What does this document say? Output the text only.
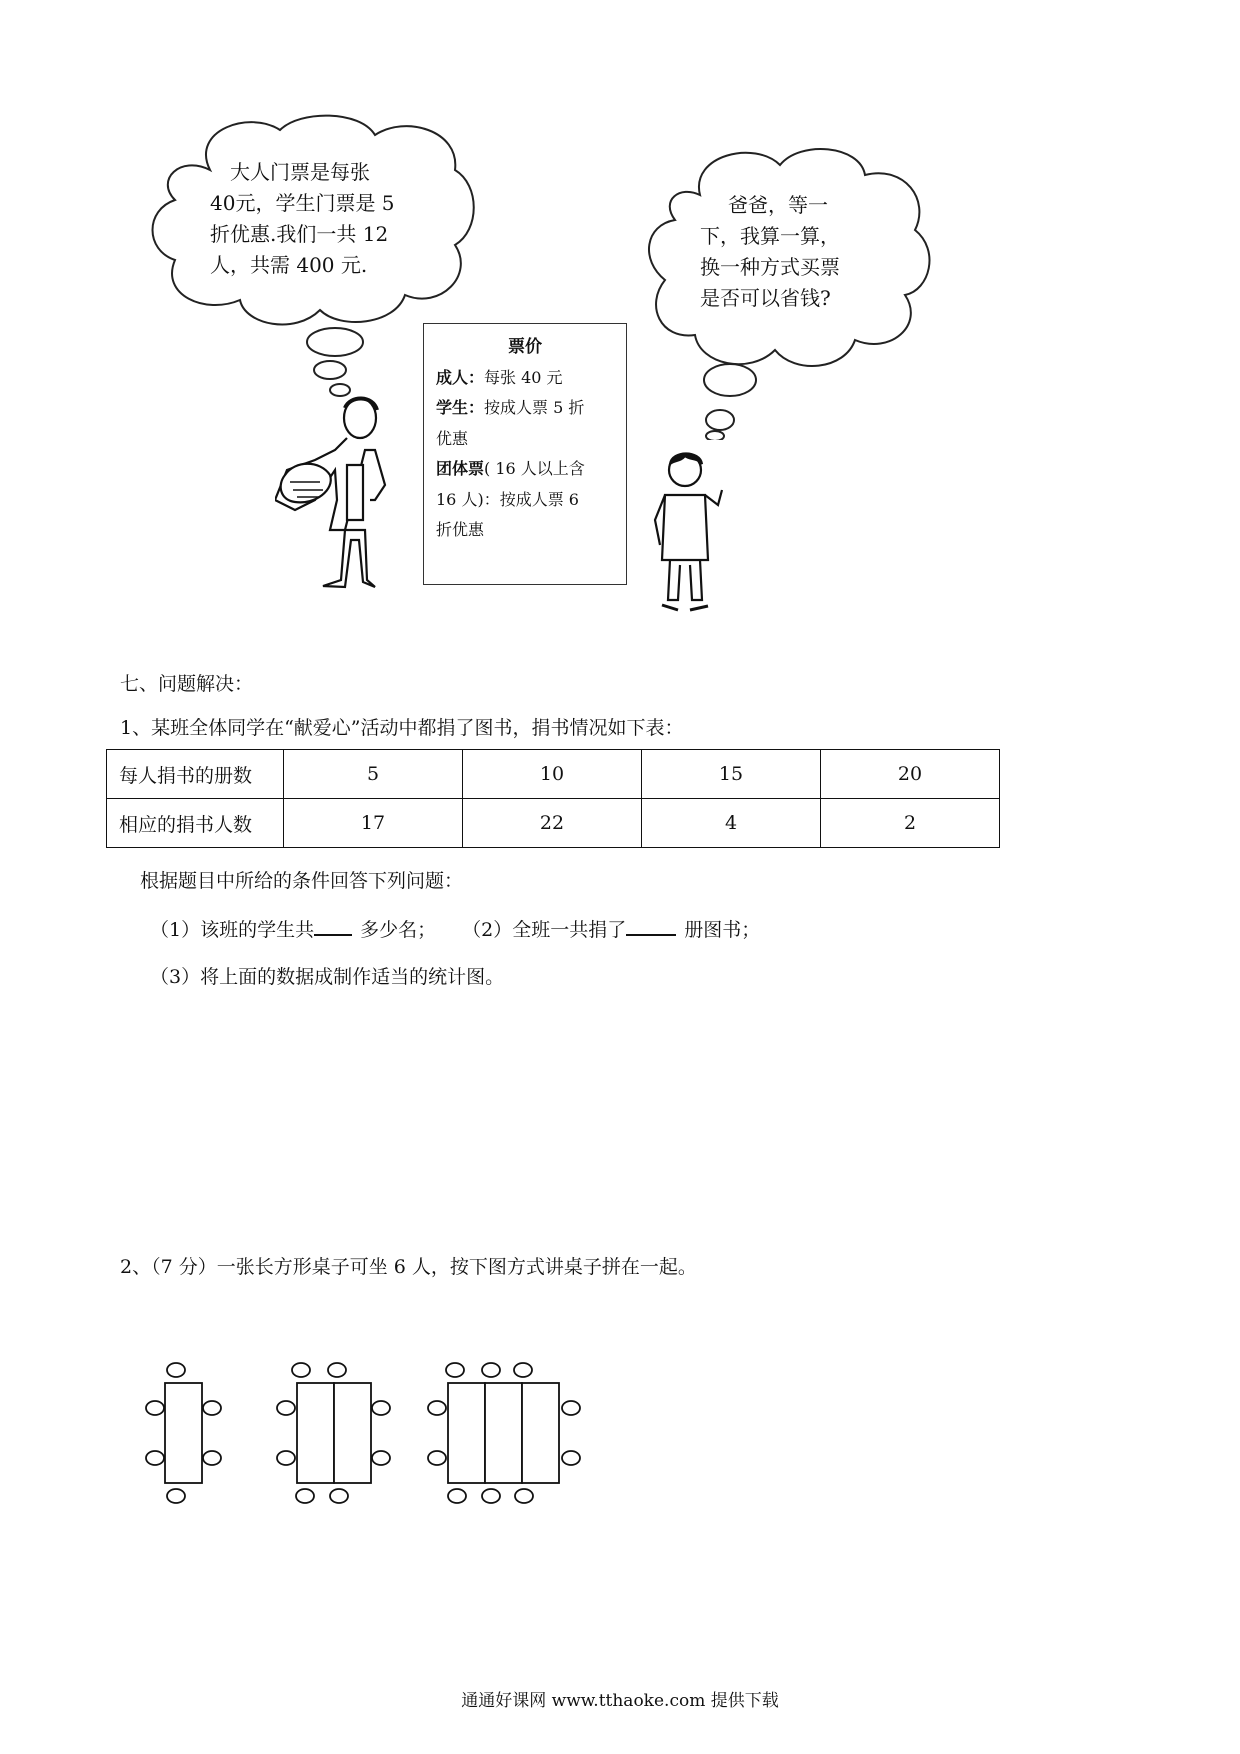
大人门票是每张
40元，学生门票是 5
折优惠.我们一共 12
人，共需 400 元.
爸爸，等一
下，我算一算，
换一种方式买票
是否可以省钱?
票价
成人：每张 40 元
学生：按成人票 5 折
优惠
团体票( 16 人以上含
16 人)：按成人票 6
折优惠
七、问题解决：
1、某班全体同学在“献爱心”活动中都捐了图书，捐书情况如下表：
每人捐书的册数	5	10	15	20
相应的捐书人数	17	22	4	2
根据题目中所给的条件回答下列问题：
（1）该班的学生共 多少名； （2）全班一共捐了	册图书；
（3）将上面的数据成制作适当的统计图。
2、（7 分）一张长方形桌子可坐 6 人，按下图方式讲桌子拼在一起。
通通好课网 www.tthaoke.com 提供下载
